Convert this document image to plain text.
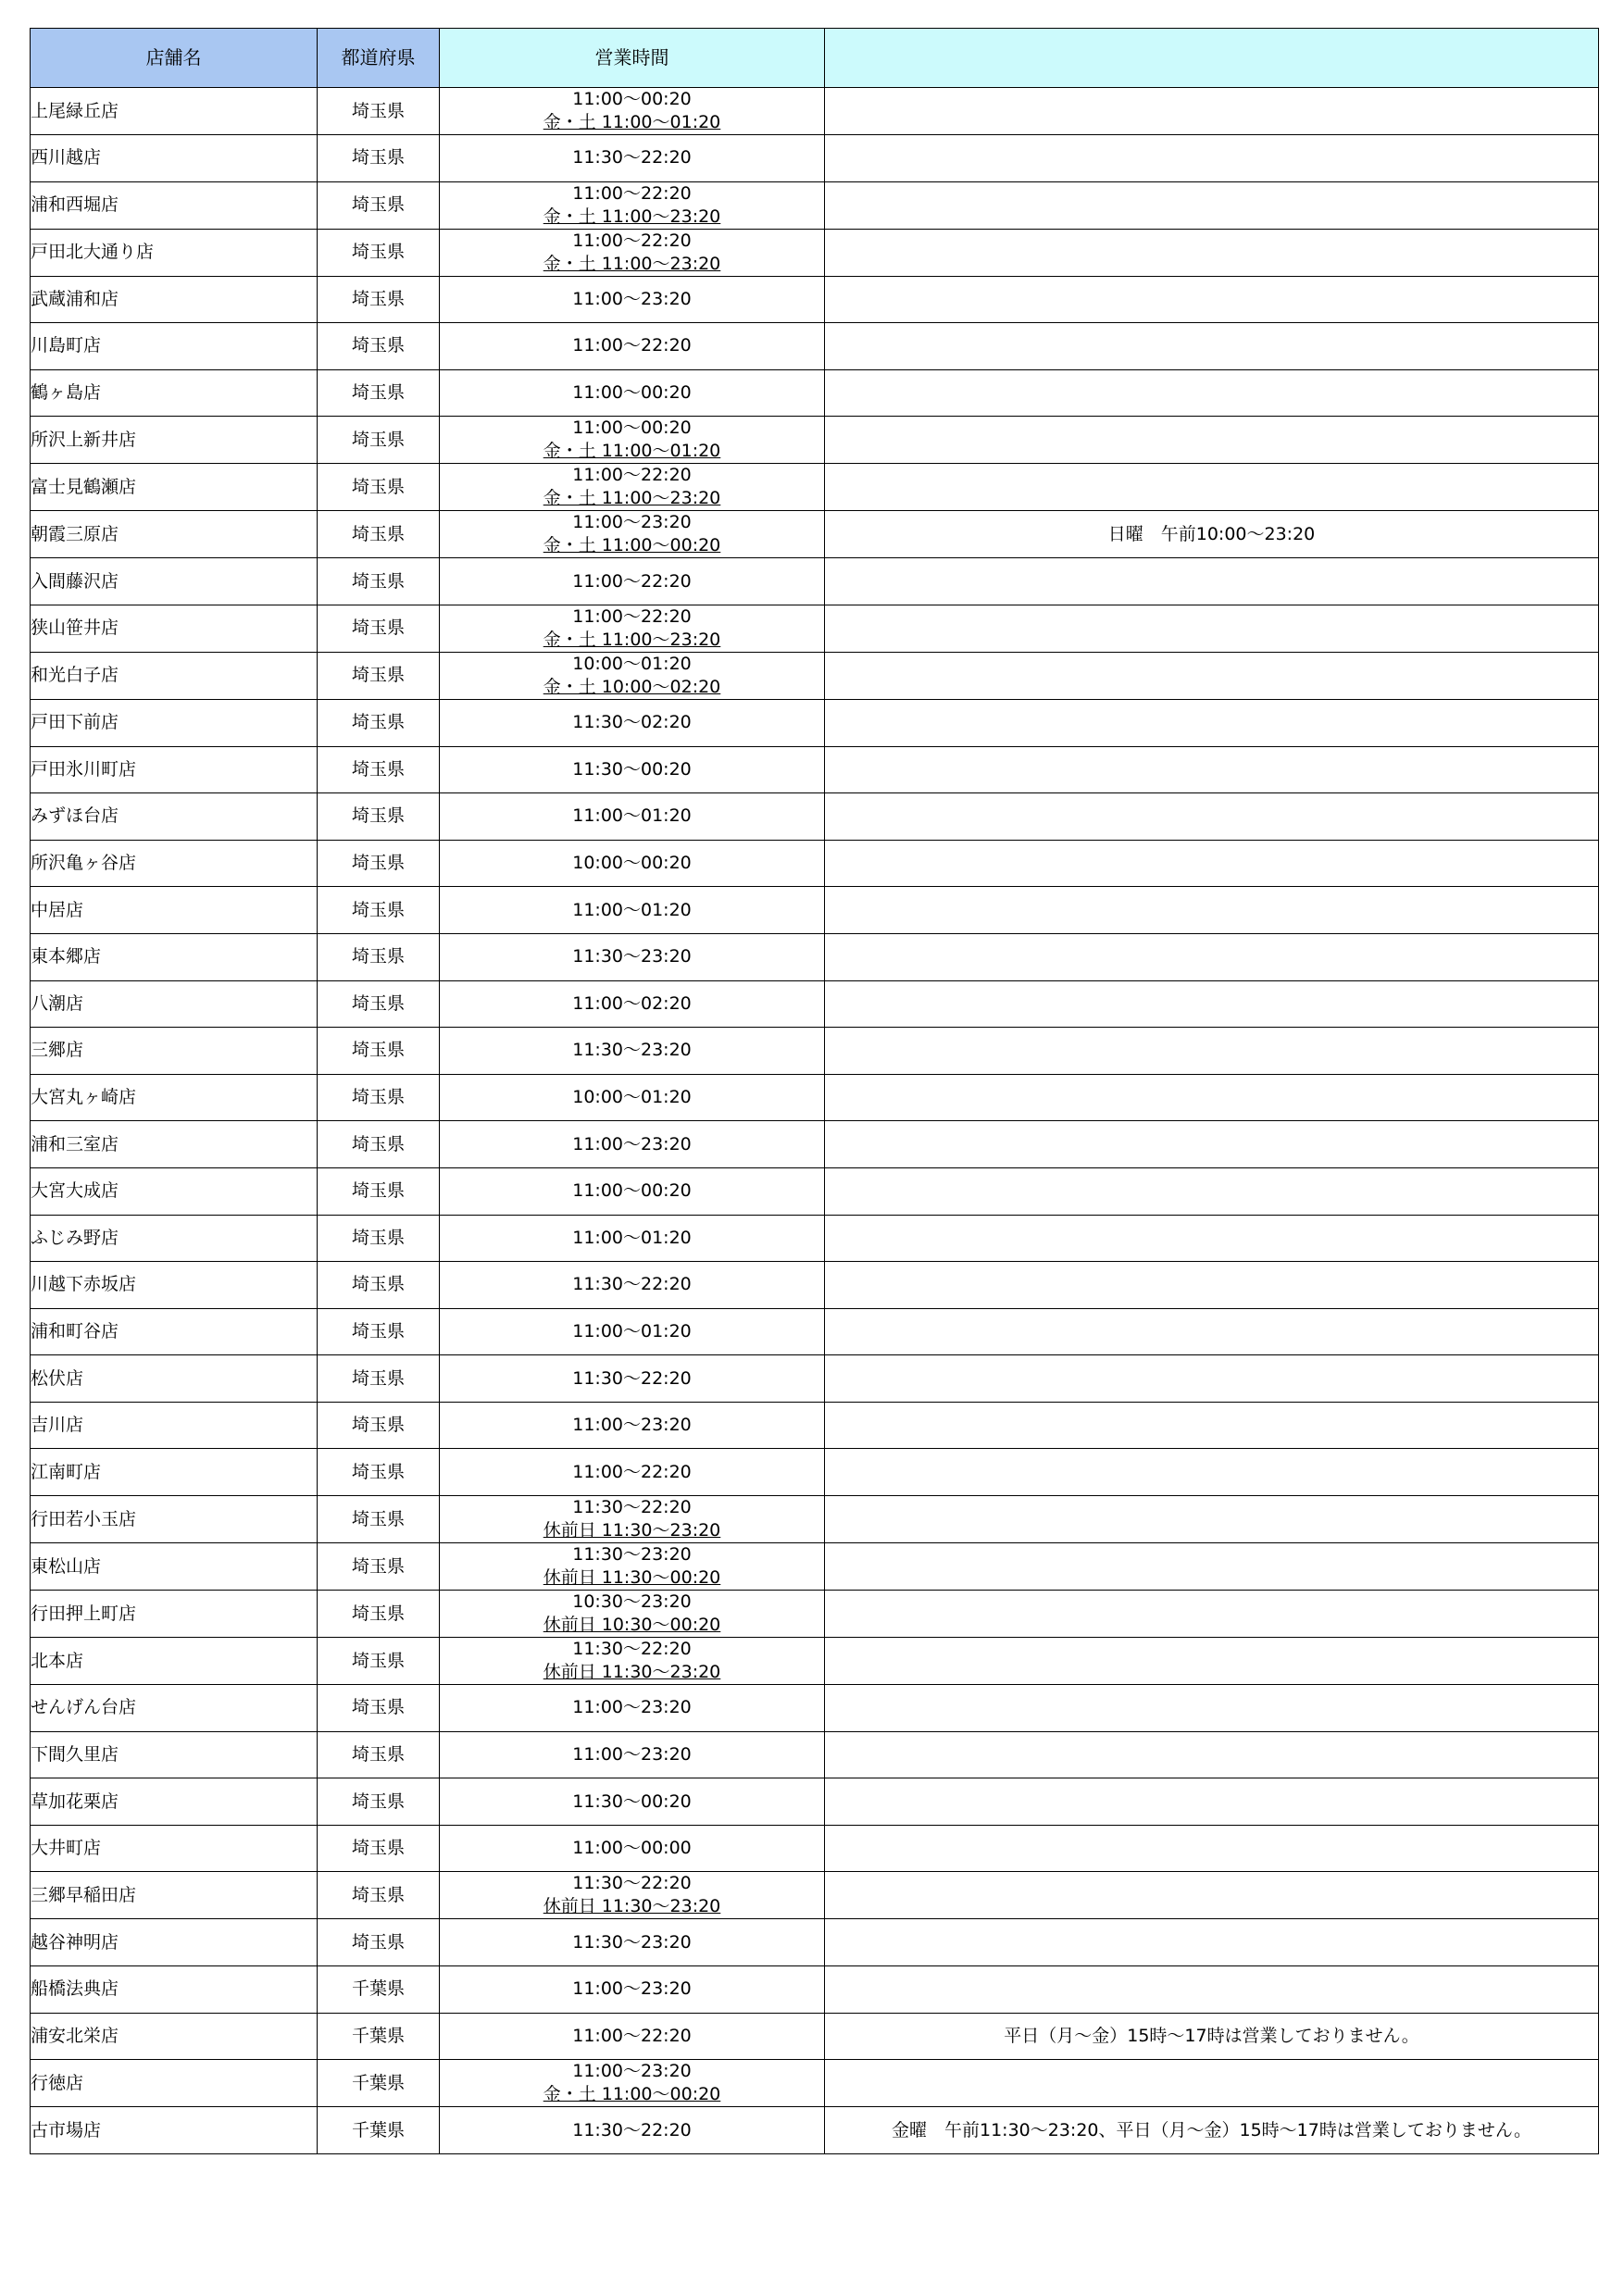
店舗名	都道府県	営業時間	
上尾緑丘店	埼玉県	11:00～00:20
金・土 11:00～01:20	

西川越店	埼玉県	11:30～22:20	

浦和西堀店	埼玉県	11:00～22:20
金・土 11:00～23:20	

戸田北大通り店	埼玉県	11:00～22:20
金・土 11:00～23:20	

武蔵浦和店	埼玉県	11:00～23:20	

川島町店	埼玉県	11:00～22:20	

鶴ヶ島店	埼玉県	11:00～00:20	

所沢上新井店	埼玉県	11:00～00:20
金・土 11:00～01:20	

富士見鶴瀬店	埼玉県	11:00～22:20
金・土 11:00～23:20	

朝霞三原店	埼玉県	11:00～23:20
金・土 11:00～00:20	日曜　午前10:00～23:20
入間藤沢店	埼玉県	11:00～22:20	

狭山笹井店	埼玉県	11:00～22:20
金・土 11:00～23:20	

和光白子店	埼玉県	10:00～01:20
金・土 10:00～02:20	

戸田下前店	埼玉県	11:30～02:20	

戸田氷川町店	埼玉県	11:30～00:20	

みずほ台店	埼玉県	11:00～01:20	

所沢亀ヶ谷店	埼玉県	10:00～00:20	

中居店	埼玉県	11:00～01:20	

東本郷店	埼玉県	11:30～23:20	

八潮店	埼玉県	11:00～02:20	

三郷店	埼玉県	11:30～23:20	

大宮丸ヶ崎店	埼玉県	10:00～01:20	

浦和三室店	埼玉県	11:00～23:20	

大宮大成店	埼玉県	11:00～00:20	

ふじみ野店	埼玉県	11:00～01:20	

川越下赤坂店	埼玉県	11:30～22:20	

浦和町谷店	埼玉県	11:00～01:20	

松伏店	埼玉県	11:30～22:20	

吉川店	埼玉県	11:00～23:20	

江南町店	埼玉県	11:00～22:20	

行田若小玉店	埼玉県	11:30～22:20
休前日 11:30～23:20	

東松山店	埼玉県	11:30～23:20
休前日 11:30～00:20	

行田押上町店	埼玉県	10:30～23:20
休前日 10:30～00:20	

北本店	埼玉県	11:30～22:20
休前日 11:30～23:20	

せんげん台店	埼玉県	11:00～23:20	

下間久里店	埼玉県	11:00～23:20	

草加花栗店	埼玉県	11:30～00:20	

大井町店	埼玉県	11:00～00:00	

三郷早稲田店	埼玉県	11:30～22:20
休前日 11:30～23:20	

越谷神明店	埼玉県	11:30～23:20	

船橋法典店	千葉県	11:00～23:20	

浦安北栄店	千葉県	11:00～22:20	平日（月～金）15時～17時は営業しておりません。
行徳店	千葉県	11:00～23:20
金・土 11:00～00:20	

古市場店	千葉県	11:30～22:20	金曜　午前11:30～23:20、平日（月～金）15時～17時は営業しておりません。
